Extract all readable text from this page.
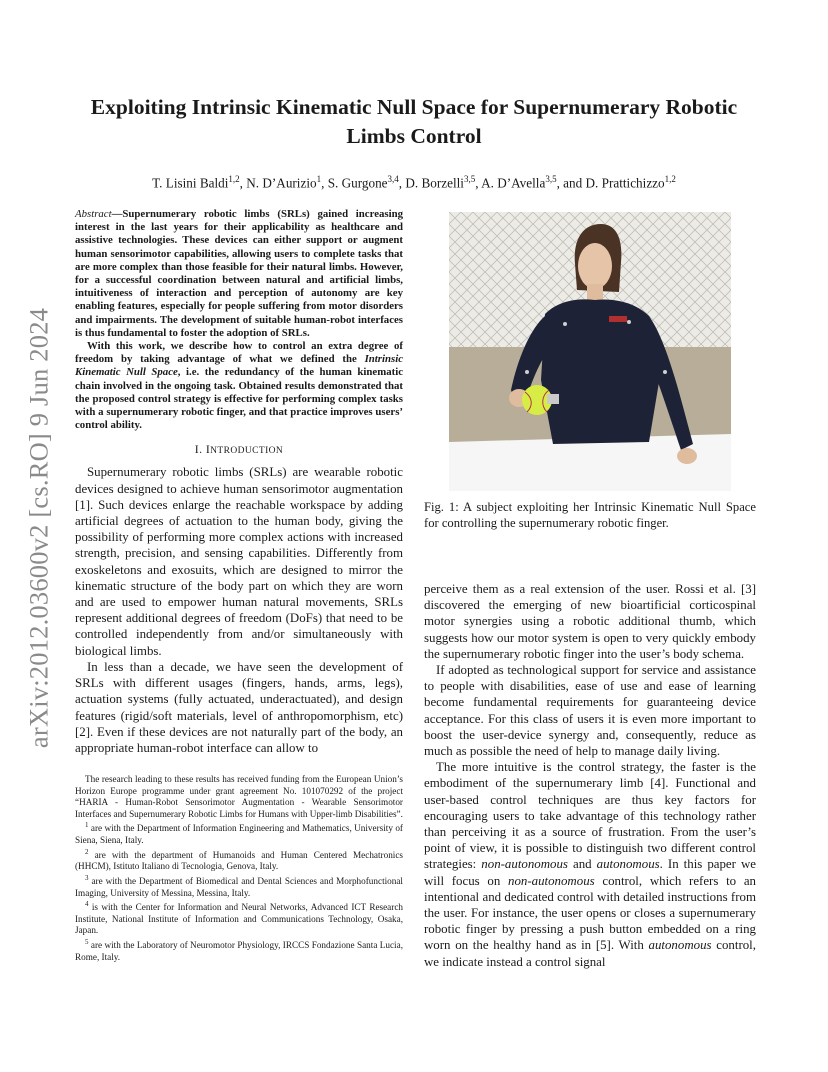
arXiv:2012.03600v2 [cs.RO] 9 Jun 2024
Exploiting Intrinsic Kinematic Null Space for Supernumerary Robotic Limbs Control

T. Lisini Baldi$^{1,2}$, N. D’Aurizio$^1$, S. Gurgone$^{3,4}$, D. Borzelli$^{3,5}$, A. D’Avella$^{3,5}$, and D. Prattichizzo$^{1,2}$

Abstract—Supernumerary robotic limbs (SRLs) gained increasing interest in the last years for their applicability as healthcare and assistive technologies. These devices can either support or augment human sensorimotor capabilities, allowing users to complete tasks that are more complex than those feasible for their natural limbs. However, for a successful coordination between natural and artificial limbs, intuitiveness of interaction and perception of autonomy are key enabling features, especially for people suffering from motor disorders and impairments. The development of suitable human-robot interfaces is thus fundamental to foster the adoption of SRLs.

With this work, we describe how to control an extra degree of freedom by taking advantage of what we defined the Intrinsic Kinematic Null Space, i.e. the redundancy of the human kinematic chain involved in the ongoing task. Obtained results demonstrated that the proposed control strategy is effective for performing complex tasks with a supernumerary robotic finger, and that practice improves users’ control ability.

I. INTRODUCTION

Supernumerary robotic limbs (SRLs) are wearable robotic devices designed to achieve human sensorimotor augmentation [1]. Such devices enlarge the reachable workspace by adding artificial degrees of actuation to the human body, giving the possibility of performing more complex actions with increased strength, precision, and sensing capabilities. Differently from exoskeletons and exosuits, which are designed to mirror the kinematic structure of the body part on which they are worn and are used to empower human natural movements, SRLs represent additional degrees of freedom (DoFs) that need to be controlled independently from and/or simultaneously with biological limbs.

In less than a decade, we have seen the development of SRLs with different usages (fingers, hands, arms, legs), actuation systems (fully actuated, underactuated), and design features (rigid/soft materials, level of anthropomorphism, etc) [2]. Even if these devices are not naturally part of the body, an appropriate human-robot interface can allow to

The research leading to these results has received funding from the European Union’s Horizon Europe programme under grant agreement No. 101070292 of the project “HARIA - Human-Robot Sensorimotor Augmentation - Wearable Sensorimotor Interfaces and Supernumerary Robotic Limbs for Humans with Upper-limb Disabilities”.

$^1$ are with the Department of Information Engineering and Mathematics, University of Siena, Siena, Italy.

$^2$ are with the department of Humanoids and Human Centered Mechatronics (HHCM), Istituto Italiano di Tecnologia, Genova, Italy.

$^3$ are with the Department of Biomedical and Dental Sciences and Morphofunctional Imaging, University of Messina, Messina, Italy.

$^4$ is with the Center for Information and Neural Networks, Advanced ICT Research Institute, National Institute of Information and Communications Technology, Osaka, Japan.

$^5$ are with the Laboratory of Neuromotor Physiology, IRCCS Fondazione Santa Lucia, Rome, Italy.

Fig. 1: A subject exploiting her Intrinsic Kinematic Null Space for controlling the supernumerary robotic finger.

perceive them as a real extension of the user. Rossi et al. [3] discovered the emerging of new bioartificial corticospinal motor synergies using a robotic additional thumb, which suggests how our motor system is open to very quickly embody the supernumerary robotic finger into the user’s body schema.

If adopted as technological support for service and assistance to people with disabilities, ease of use and ease of learning become fundamental requirements for guaranteeing device acceptance. For this class of users it is even more important to boost the user-device synergy and, consequently, reduce as much as possible the need of help to manage daily living.

The more intuitive is the control strategy, the faster is the embodiment of the supernumerary limb [4]. Functional and user-based control techniques are thus key factors for encouraging users to take advantage of this technology rather than perceiving it as a source of frustration. From the user’s point of view, it is possible to distinguish two different control strategies: non-autonomous and autonomous. In this paper we will focus on non-autonomous control, which refers to an intentional and dedicated control with detailed instructions from the user. For instance, the user opens or closes a supernumerary robotic finger by pressing a push button embedded on a ring worn on the healthy hand as in [5]. With autonomous control, we indicate instead a control signal
